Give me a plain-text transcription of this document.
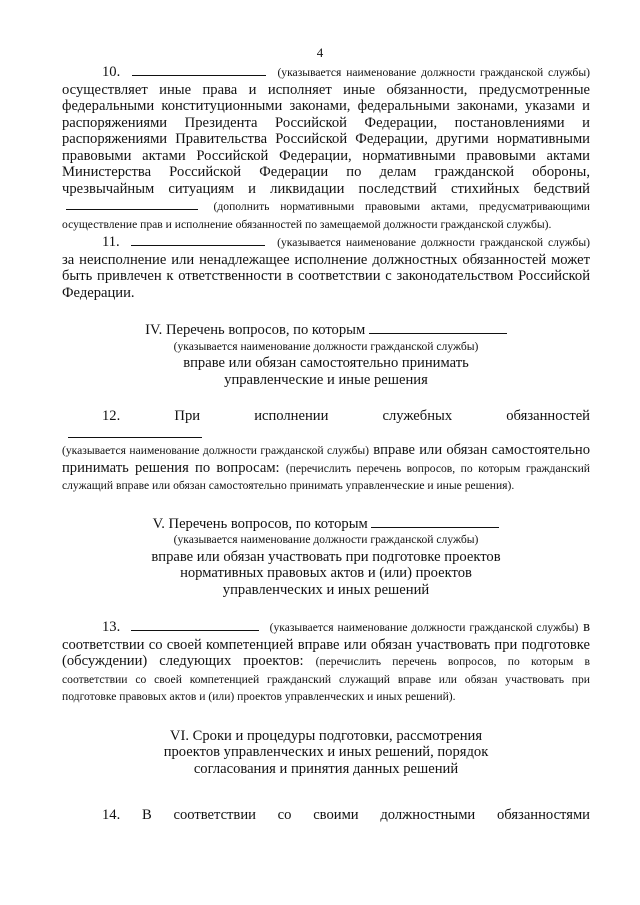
4
10.	(указывается наименование должности гражданской службы) осуществляет иные права и исполняет иные обязанности, предусмотренные федеральными конституционными законами, федеральными законами, указами и распоряжениями Президента Российской Федерации, постановлениями и распоряжениями Правительства Российской Федерации, другими нормативными правовыми актами Российской Федерации, нормативными правовыми актами Министерства Российской Федерации по делам гражданской обороны, чрезвычайным ситуациям и ликвидации последствий стихийных бедствий (дополнить нормативными правовыми актами, предусматривающими осуществление прав и исполнение обязанностей по замещаемой должности гражданской службы).
11.	(указывается наименование должности гражданской службы) за неисполнение или ненадлежащее исполнение должностных обязанностей может быть привлечен к ответственности в соответствии с законодательством Российской Федерации.
IV. Перечень вопросов, по которым
(указывается наименование должности гражданской службы)
вправе или обязан самостоятельно принимать
управленческие и иные решения
12.	При исполнении служебных обязанностей
(указывается наименование должности гражданской службы) вправе или обязан самостоятельно принимать решения по вопросам: (перечислить перечень вопросов, по которым гражданский служащий вправе или обязан самостоятельно принимать управленческие и иные решения).
V. Перечень вопросов, по которым
(указывается наименование должности гражданской службы)
вправе или обязан участвовать при подготовке проектов
нормативных правовых актов и (или) проектов
управленческих и иных решений
13.	(указывается наименование должности гражданской службы) в соответствии со своей компетенцией вправе или обязан участвовать при подготовке (обсуждении) следующих проектов: (перечислить перечень вопросов, по которым в соответствии со своей компетенцией гражданский служащий вправе или обязан участвовать при подготовке правовых актов и (или) проектов управленческих и иных решений).
VI. Сроки и процедуры подготовки, рассмотрения
проектов управленческих и иных решений, порядок
согласования и принятия данных решений
14. В соответствии со своими должностными обязанностями
